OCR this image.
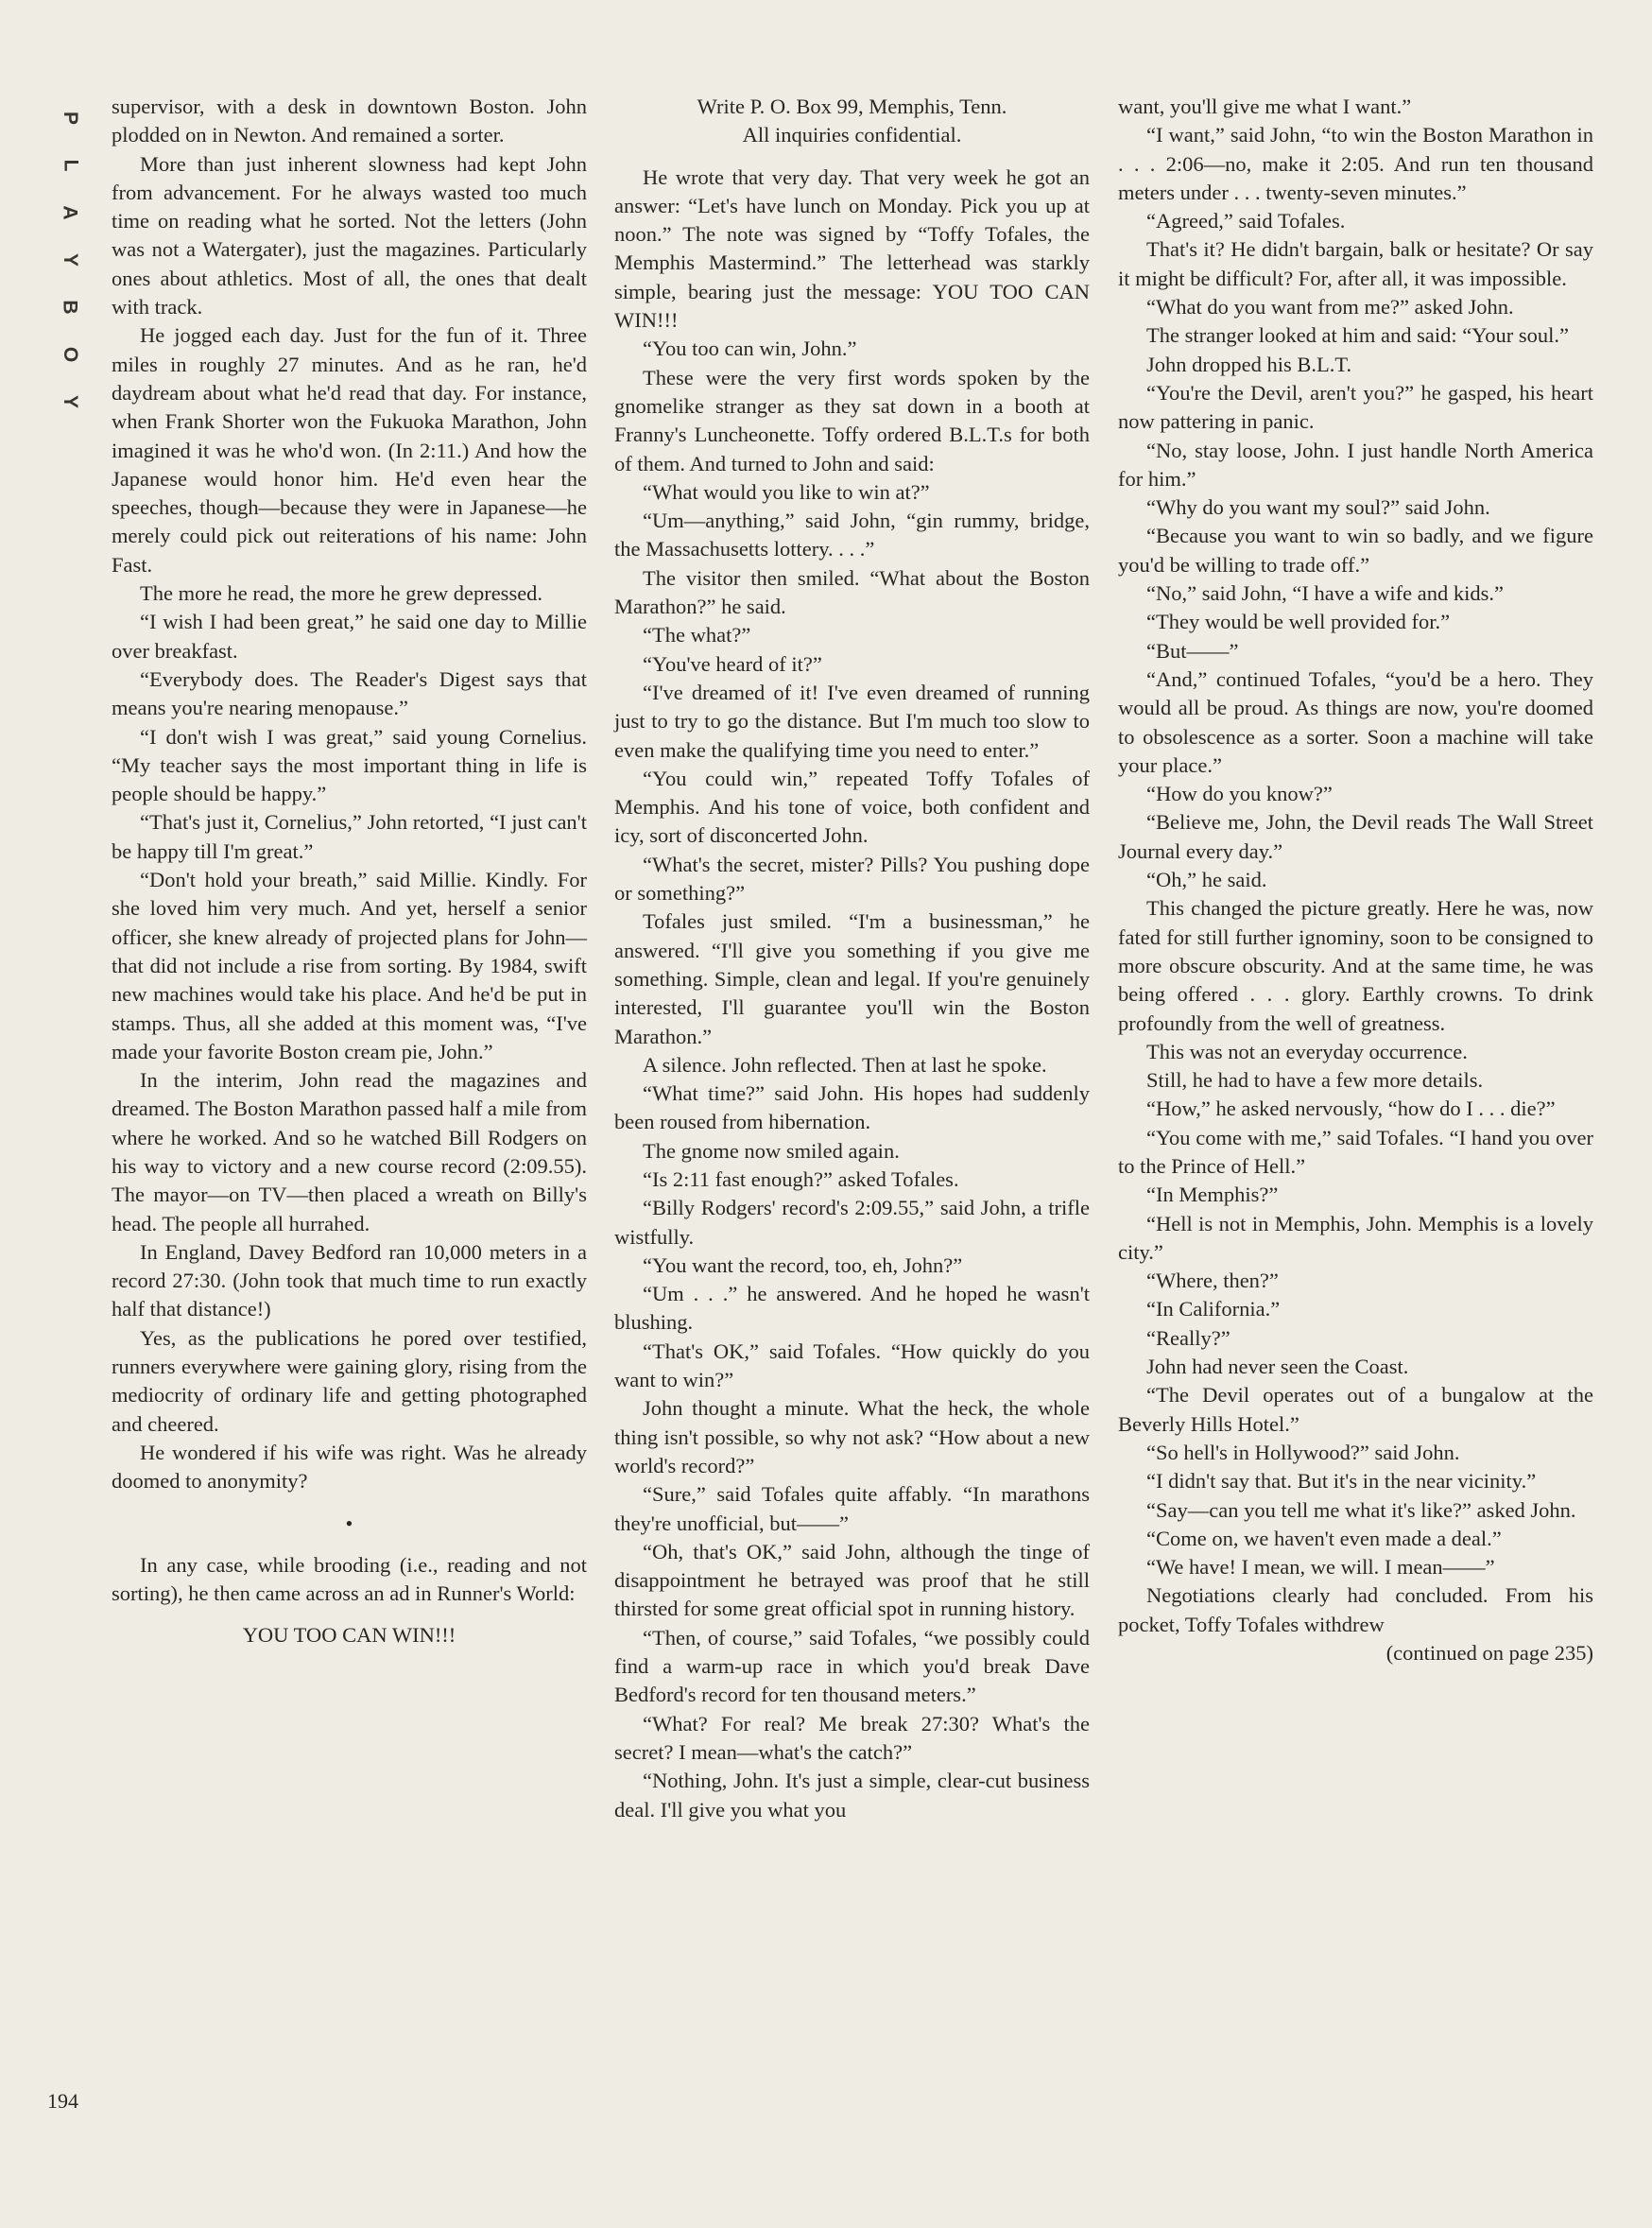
P
L
A
Y
B
O
Y

supervisor, with a desk in downtown Boston. John plodded on in Newton. And remained a sorter.

More than just inherent slowness had kept John from advancement. For he always wasted too much time on reading what he sorted. Not the letters (John was not a Watergater), just the magazines. Particularly ones about athletics. Most of all, the ones that dealt with track.

He jogged each day. Just for the fun of it. Three miles in roughly 27 minutes. And as he ran, he'd daydream about what he'd read that day. For instance, when Frank Shorter won the Fukuoka Marathon, John imagined it was he who'd won. (In 2:11.) And how the Japanese would honor him. He'd even hear the speeches, though—because they were in Japanese—he merely could pick out reiterations of his name: John Fast.

The more he read, the more he grew depressed.

“I wish I had been great,” he said one day to Millie over breakfast.

“Everybody does. The Reader's Digest says that means you're nearing menopause.”

“I don't wish I was great,” said young Cornelius. “My teacher says the most important thing in life is people should be happy.”

“That's just it, Cornelius,” John retorted, “I just can't be happy till I'm great.”

“Don't hold your breath,” said Millie. Kindly. For she loved him very much. And yet, herself a senior officer, she knew already of projected plans for John—that did not include a rise from sorting. By 1984, swift new machines would take his place. And he'd be put in stamps. Thus, all she added at this moment was, “I've made your favorite Boston cream pie, John.”

In the interim, John read the magazines and dreamed. The Boston Marathon passed half a mile from where he worked. And so he watched Bill Rodgers on his way to victory and a new course record (2:09.55). The mayor—on TV—then placed a wreath on Billy's head. The people all hurrahed.

In England, Davey Bedford ran 10,000 meters in a record 27:30. (John took that much time to run exactly half that distance!)

Yes, as the publications he pored over testified, runners everywhere were gaining glory, rising from the mediocrity of ordinary life and getting photographed and cheered.

He wondered if his wife was right. Was he already doomed to anonymity?

•

In any case, while brooding (i.e., reading and not sorting), he then came across an ad in Runner's World:

YOU TOO CAN WIN!!!

Write P. O. Box 99, Memphis, Tenn.

All inquiries confidential.

He wrote that very day. That very week he got an answer: “Let's have lunch on Monday. Pick you up at noon.” The note was signed by “Toffy Tofales, the Memphis Mastermind.” The letterhead was starkly simple, bearing just the message: YOU TOO CAN WIN!!!

“You too can win, John.”

These were the very first words spoken by the gnomelike stranger as they sat down in a booth at Franny's Luncheonette. Toffy ordered B.L.T.s for both of them. And turned to John and said:

“What would you like to win at?”

“Um—anything,” said John, “gin rummy, bridge, the Massachusetts lottery. . . .”

The visitor then smiled. “What about the Boston Marathon?” he said.

“The what?”

“You've heard of it?”

“I've dreamed of it! I've even dreamed of running just to try to go the distance. But I'm much too slow to even make the qualifying time you need to enter.”

“You could win,” repeated Toffy Tofales of Memphis. And his tone of voice, both confident and icy, sort of disconcerted John.

“What's the secret, mister? Pills? You pushing dope or something?”

Tofales just smiled. “I'm a businessman,” he answered. “I'll give you something if you give me something. Simple, clean and legal. If you're genuinely interested, I'll guarantee you'll win the Boston Marathon.”

A silence. John reflected. Then at last he spoke.

“What time?” said John. His hopes had suddenly been roused from hibernation.

The gnome now smiled again.

“Is 2:11 fast enough?” asked Tofales.

“Billy Rodgers' record's 2:09.55,” said John, a trifle wistfully.

“You want the record, too, eh, John?”

“Um . . .” he answered. And he hoped he wasn't blushing.

“That's OK,” said Tofales. “How quickly do you want to win?”

John thought a minute. What the heck, the whole thing isn't possible, so why not ask? “How about a new world's record?”

“Sure,” said Tofales quite affably. “In marathons they're unofficial, but——”

“Oh, that's OK,” said John, although the tinge of disappointment he betrayed was proof that he still thirsted for some great official spot in running history.

“Then, of course,” said Tofales, “we possibly could find a warm-up race in which you'd break Dave Bedford's record for ten thousand meters.”

“What? For real? Me break 27:30? What's the secret? I mean—what's the catch?”

“Nothing, John. It's just a simple, clear-cut business deal. I'll give you what you

want, you'll give me what I want.”

“I want,” said John, “to win the Boston Marathon in . . . 2:06—no, make it 2:05. And run ten thousand meters under . . . twenty-seven minutes.”

“Agreed,” said Tofales.

That's it? He didn't bargain, balk or hesitate? Or say it might be difficult? For, after all, it was impossible.

“What do you want from me?” asked John.

The stranger looked at him and said: “Your soul.”

John dropped his B.L.T.

“You're the Devil, aren't you?” he gasped, his heart now pattering in panic.

“No, stay loose, John. I just handle North America for him.”

“Why do you want my soul?” said John.

“Because you want to win so badly, and we figure you'd be willing to trade off.”

“No,” said John, “I have a wife and kids.”

“They would be well provided for.”

“But——”

“And,” continued Tofales, “you'd be a hero. They would all be proud. As things are now, you're doomed to obsolescence as a sorter. Soon a machine will take your place.”

“How do you know?”

“Believe me, John, the Devil reads The Wall Street Journal every day.”

“Oh,” he said.

This changed the picture greatly. Here he was, now fated for still further ignominy, soon to be consigned to more obscure obscurity. And at the same time, he was being offered . . . glory. Earthly crowns. To drink profoundly from the well of greatness.

This was not an everyday occurrence.

Still, he had to have a few more details.

“How,” he asked nervously, “how do I . . . die?”

“You come with me,” said Tofales. “I hand you over to the Prince of Hell.”

“In Memphis?”

“Hell is not in Memphis, John. Memphis is a lovely city.”

“Where, then?”

“In California.”

“Really?”

John had never seen the Coast.

“The Devil operates out of a bungalow at the Beverly Hills Hotel.”

“So hell's in Hollywood?” said John.

“I didn't say that. But it's in the near vicinity.”

“Say—can you tell me what it's like?” asked John.

“Come on, we haven't even made a deal.”

“We have! I mean, we will. I mean——”

Negotiations clearly had concluded. From his pocket, Toffy Tofales withdrew

(continued on page 235)

194
